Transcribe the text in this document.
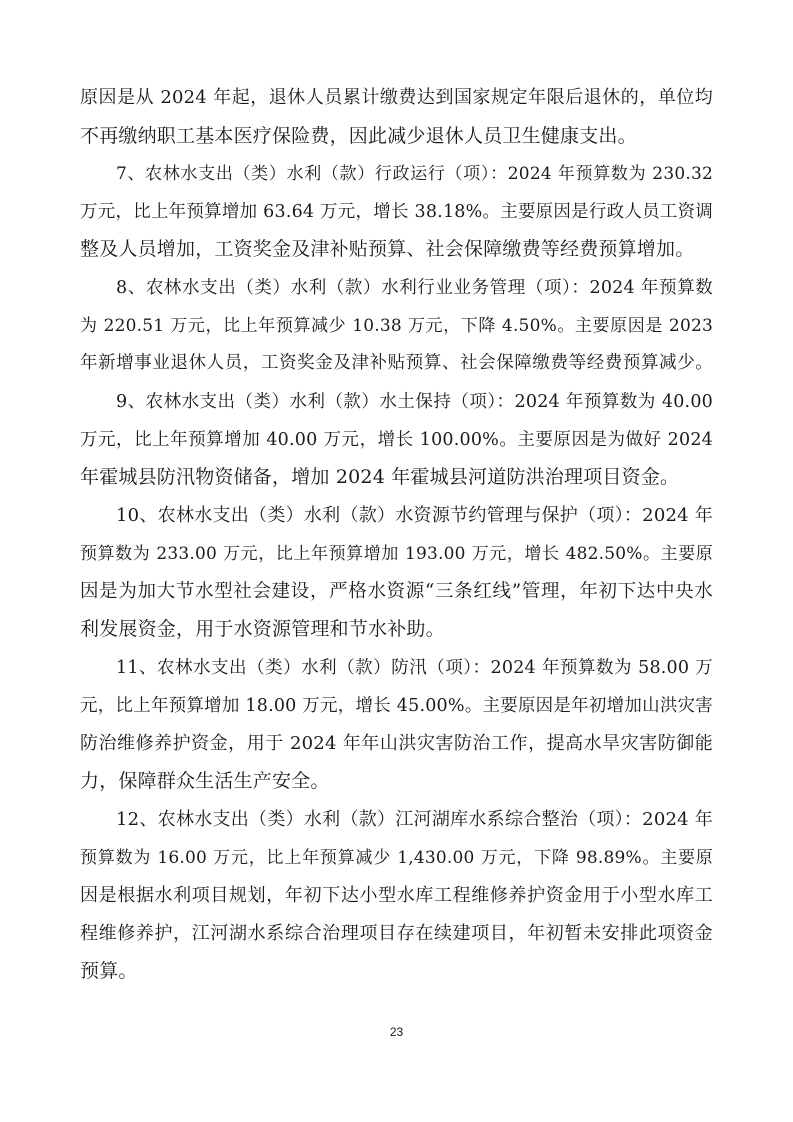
原因是从 2024 年起，退休人员累计缴费达到国家规定年限后退休的，单位均
不再缴纳职工基本医疗保险费，因此减少退休人员卫生健康支出。
7、农林水支出（类）水利（款）行政运行（项）：2024 年预算数为 230.32
万元，比上年预算增加 63.64 万元，增长 38.18%。主要原因是行政人员工资调
整及人员增加，工资奖金及津补贴预算、社会保障缴费等经费预算增加。
8、农林水支出（类）水利（款）水利行业业务管理（项）：2024 年预算数
为 220.51 万元，比上年预算减少 10.38 万元，下降 4.50%。主要原因是 2023
年新增事业退休人员，工资奖金及津补贴预算、社会保障缴费等经费预算减少。
9、农林水支出（类）水利（款）水土保持（项）：2024 年预算数为 40.00
万元，比上年预算增加 40.00 万元，增长 100.00%。主要原因是为做好 2024
年霍城县防汛物资储备，增加 2024 年霍城县河道防洪治理项目资金。
10、农林水支出（类）水利（款）水资源节约管理与保护（项）：2024 年
预算数为 233.00 万元，比上年预算增加 193.00 万元，增长 482.50%。主要原
因是为加大节水型社会建设，严格水资源“三条红线”管理，年初下达中央水
利发展资金，用于水资源管理和节水补助。
11、农林水支出（类）水利（款）防汛（项）：2024 年预算数为 58.00 万
元，比上年预算增加 18.00 万元，增长 45.00%。主要原因是年初增加山洪灾害
防治维修养护资金，用于 2024 年年山洪灾害防治工作，提高水旱灾害防御能
力，保障群众生活生产安全。
12、农林水支出（类）水利（款）江河湖库水系综合整治（项）：2024 年
预算数为 16.00 万元，比上年预算减少 1,430.00 万元，下降 98.89%。主要原
因是根据水利项目规划，年初下达小型水库工程维修养护资金用于小型水库工
程维修养护，江河湖水系综合治理项目存在续建项目，年初暂未安排此项资金
预算。
23
